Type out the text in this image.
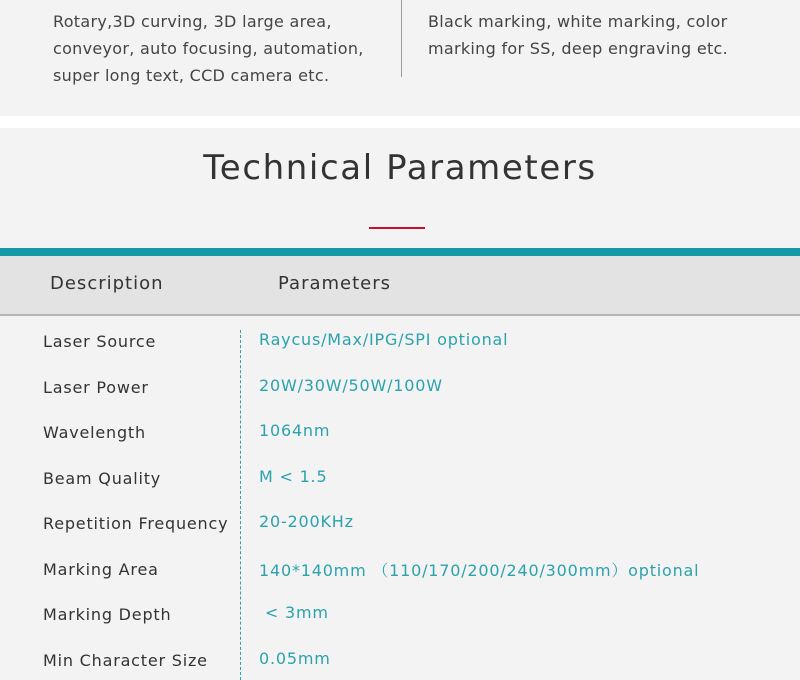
Rotary,3D curving, 3D large area, conveyor, auto focusing, automation, super long text, CCD camera etc.
Black marking, white marking, color marking for SS, deep engraving etc.
Technical Parameters
Description	Parameters
Laser Source	Raycus/Max/IPG/SPI optional
Laser Power	20W/30W/50W/100W
Wavelength	1064nm
Beam Quality	M < 1.5
Repetition Frequency 20-200KHz
Marking Area	140*140mm （110/170/200/240/300mm）optional
Marking Depth	< 3mm
Min Character Size	0.05mm
